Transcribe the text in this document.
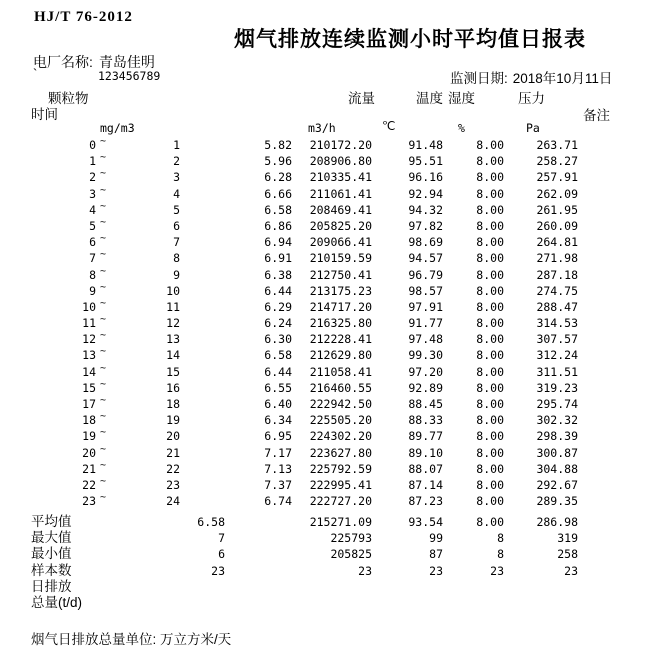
HJ/T 76-2012
烟气排放连续监测小时平均值日报表
电厂名称: 青岛佳明
`	123456789	监测日期: 2018年10月11日
颗粒物	流量	温度 湿度	压力
时间	备注
mg/m3	m3/h	℃	%	Pa
0 ~	1	5.82	210172.20	91.48	8.00	263.71
1 ~	2	5.96	208906.80	95.51	8.00	258.27
2 ~	3	6.28	210335.41	96.16	8.00	257.91
3 ~	4	6.66	211061.41	92.94	8.00	262.09
4 ~	5	6.58	208469.41	94.32	8.00	261.95
5 ~	6	6.86	205825.20	97.82	8.00	260.09
6 ~	7	6.94	209066.41	98.69	8.00	264.81
7 ~	8	6.91	210159.59	94.57	8.00	271.98
8 ~	9	6.38	212750.41	96.79	8.00	287.18
9 ~	10	6.44	213175.23	98.57	8.00	274.75
10 ~	11	6.29	214717.20	97.91	8.00	288.47
11 ~	12	6.24	216325.80	91.77	8.00	314.53
12 ~	13	6.30	212228.41	97.48	8.00	307.57
13 ~	14	6.58	212629.80	99.30	8.00	312.24
14 ~	15	6.44	211058.41	97.20	8.00	311.51
15 ~	16	6.55	216460.55	92.89	8.00	319.23
17 ~	18	6.40	222942.50	88.45	8.00	295.74
18 ~	19	6.34	225505.20	88.33	8.00	302.32
19 ~	20	6.95	224302.20	89.77	8.00	298.39
20 ~	21	7.17	223627.80	89.10	8.00	300.87
21 ~	22	7.13	225792.59	88.07	8.00	304.88
22 ~	23	7.37	222995.41	87.14	8.00	292.67
23 ~	24	6.74	222727.20	87.23	8.00	289.35
平均值	6.58	215271.09	93.54	8.00	286.98
最大值	7	225793	99	8	319
最小值	6	205825	87	8	258
样本数	23	23	23	23	23
日排放
总量(t/d)
烟气日排放总量单位: 万立方米/天
